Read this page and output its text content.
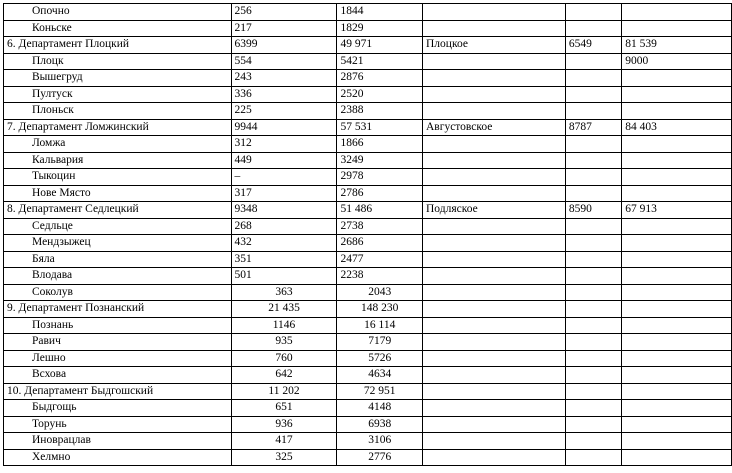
Опочно	256	1844			
Коньске	217	1829			
6. Департамент Плоцкий	6399	49 971	Плоцкое	6549	81 539
Плоцк	554	5421			9000
Вышегруд	243	2876			
Пултуск	336	2520			
Плоньск	225	2388			
7. Департамент Ломжинский	9944	57 531	Августовское	8787	84 403
Ломжа	312	1866			
Кальвария	449	3249			
Тыкоцин	–	2978			
Нове Място	317	2786			
8. Департамент Седлецкий	9348	51 486	Подляское	8590	67 913
Седльце	268	2738			
Мендзыжец	432	2686			
Бяла	351	2477			
Влодава	501	2238			
Соколув	363	2043			
9. Департамент Познанский	21 435	148 230			
Познань	1146	16 114			
Равич	935	7179			
Лешно	760	5726			
Всхова	642	4634			
10. Департамент Быдгошский	11 202	72 951			
Быдгощь	651	4148			
Торунь	936	6938			
Иноврацлав	417	3106			
Хелмно	325	2776			
